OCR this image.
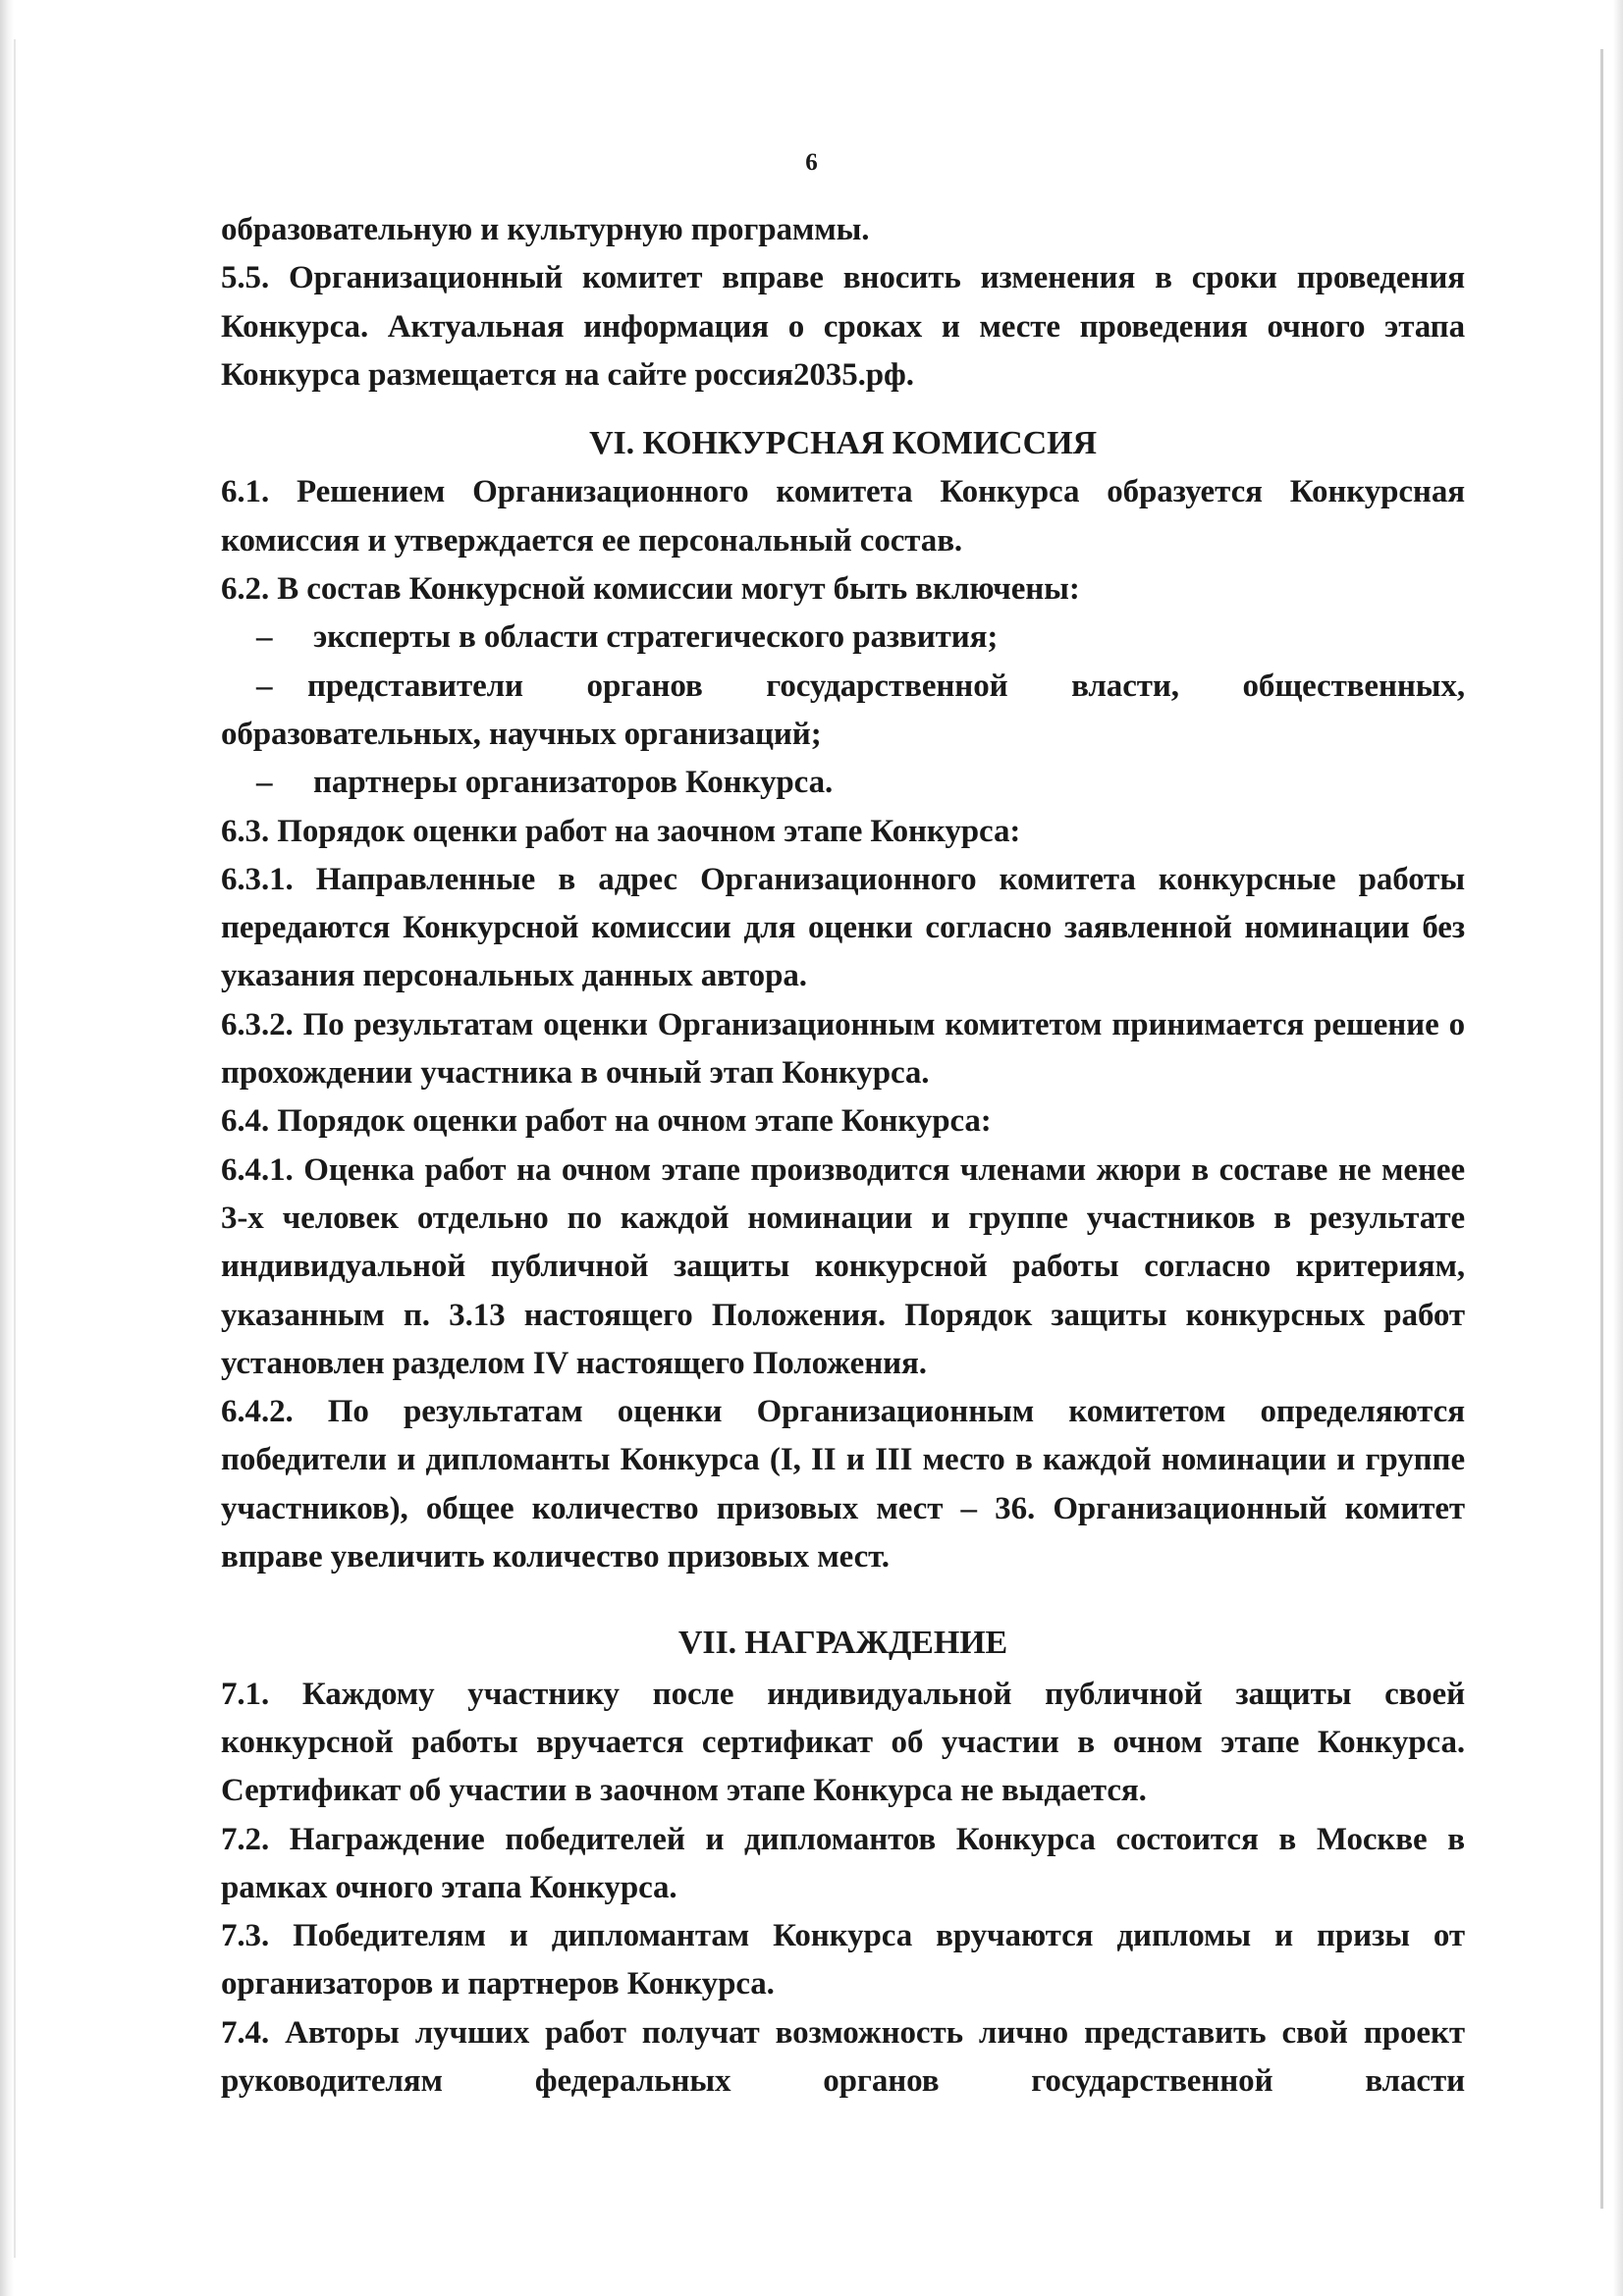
6

образовательную и культурную программы.

5.5. Организационный комитет вправе вносить изменения в сроки проведения Конкурса. Актуальная информация о сроках и месте проведения очного этапа Конкурса размещается на сайте россия2035.рф.

VI. КОНКУРСНАЯ КОМИССИЯ

6.1. Решением Организационного комитета Конкурса образуется Конкурсная комиссия и утверждается ее персональный состав.

6.2. В состав Конкурсной комиссии могут быть включены:

– эксперты в области стратегического развития;

– представители органов государственной власти, общественных, образовательных, научных организаций;

– партнеры организаторов Конкурса.

6.3. Порядок оценки работ на заочном этапе Конкурса:

6.3.1. Направленные в адрес Организационного комитета конкурсные работы передаются Конкурсной комиссии для оценки согласно заявленной номинации без указания персональных данных автора.

6.3.2. По результатам оценки Организационным комитетом принимается решение о прохождении участника в очный этап Конкурса.

6.4. Порядок оценки работ на очном этапе Конкурса:

6.4.1. Оценка работ на очном этапе производится членами жюри в составе не менее 3-х человек отдельно по каждой номинации и группе участников в результате индивидуальной публичной защиты конкурсной работы согласно критериям, указанным п. 3.13 настоящего Положения. Порядок защиты конкурсных работ установлен разделом IV настоящего Положения.

6.4.2. По результатам оценки Организационным комитетом определяются победители и дипломанты Конкурса (I, II и III место в каждой номинации и группе участников), общее количество призовых мест – 36. Организационный комитет вправе увеличить количество призовых мест.

VII. НАГРАЖДЕНИЕ

7.1. Каждому участнику после индивидуальной публичной защиты своей конкурсной работы вручается сертификат об участии в очном этапе Конкурса. Сертификат об участии в заочном этапе Конкурса не выдается.

7.2. Награждение победителей и дипломантов Конкурса состоится в Москве в рамках очного этапа Конкурса.

7.3. Победителям и дипломантам Конкурса вручаются дипломы и призы от организаторов и партнеров Конкурса.

7.4. Авторы лучших работ получат возможность лично представить свой проект руководителям федеральных органов государственной власти
